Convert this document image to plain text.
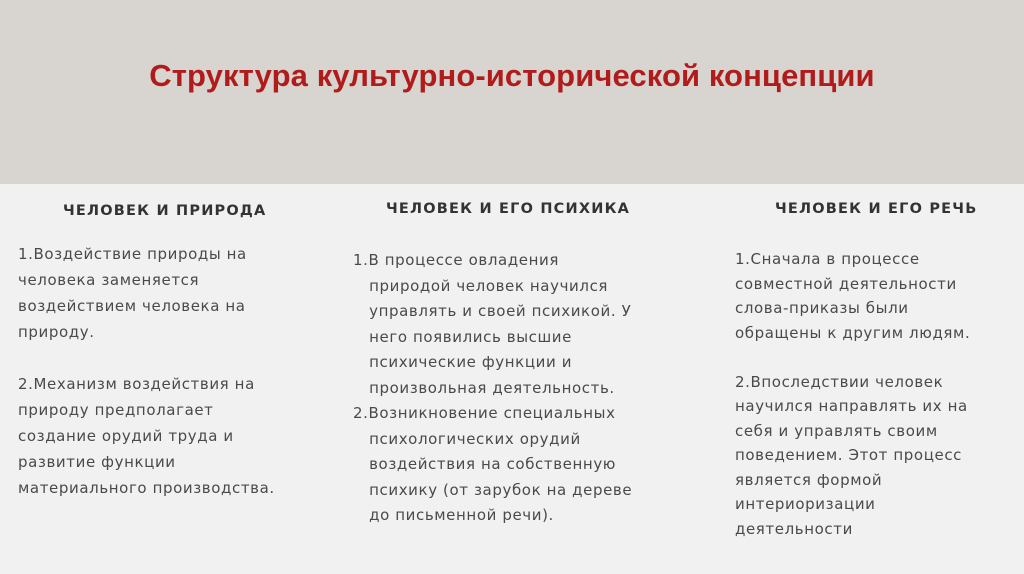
Структура культурно-исторической концепции
ЧЕЛОВЕК И ПРИРОДА

1.Воздействие природы на

человека заменяется

воздействием человека на

природу.

2.Механизм воздействия на

природу предполагает

создание орудий труда и

развитие функции

материального производства.

ЧЕЛОВЕК И ЕГО ПСИХИКА

1.В процессе овладения

природой человек научился

управлять и своей психикой. У

него появились высшие

психические функции и

произвольная деятельность.

2.Возникновение специальных

психологических орудий

воздействия на собственную

психику (от зарубок на дереве

до письменной речи).

ЧЕЛОВЕК И ЕГО РЕЧЬ

1.Сначала в процессе

совместной деятельности

слова-приказы были

обращены к другим людям.

2.Впоследствии человек

научился направлять их на

себя и управлять своим

поведением. Этот процесс

является формой

интериоризации

деятельности
